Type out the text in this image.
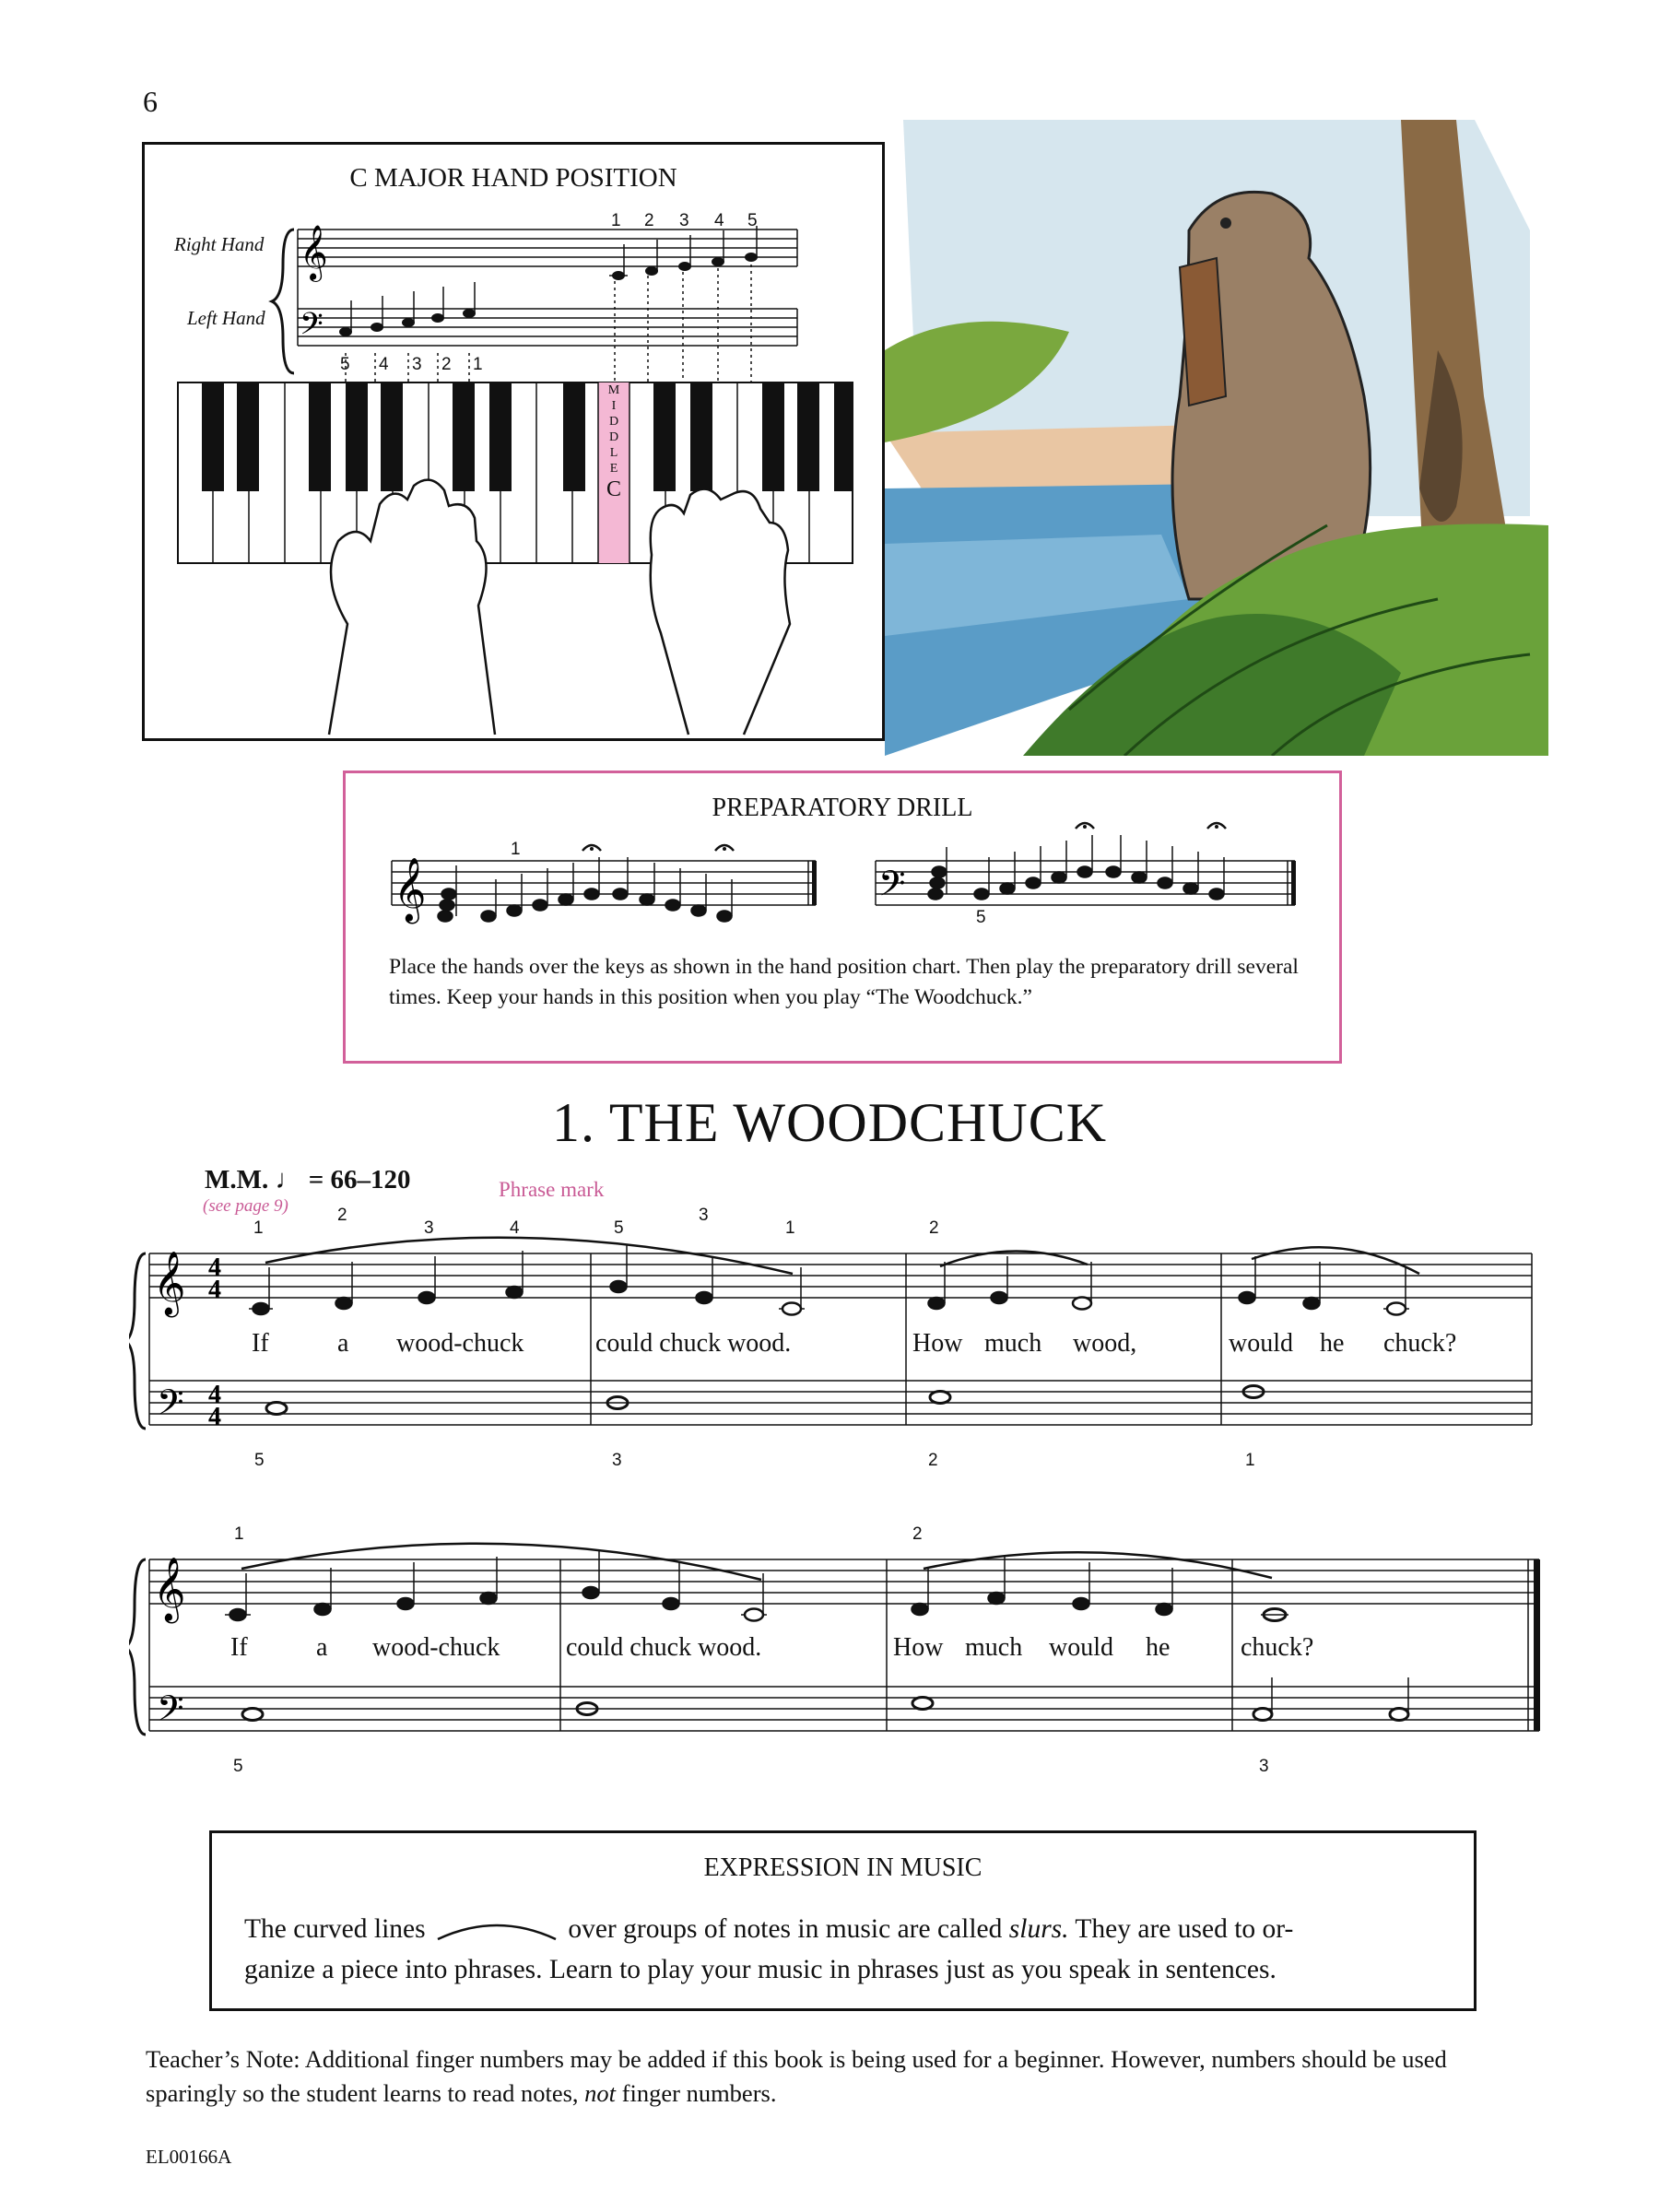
6
C MAJOR HAND POSITION
Right Hand
Left Hand
𝄞
𝄢
1 2 3 4 5
5 4 3 2 1
M
I
D
D
L
E
C
PREPARATORY DRILL
𝄞	𝄢
1
5
Place the hands over the keys as shown in the hand position chart. Then play the preparatory drill several times. Keep your hands in this position when you play “The Woodchuck.”
1. THE WOODCHUCK
M.M. ♩ = 66–120
(see page 9)
Phrase mark
𝄞
𝄢
4
4
4
4
1
2
3	4	5
3
1	2
5	3	2	1
If	a wood-chuck	could chuck wood.	How much wood,	would he chuck?
𝄞
𝄢
1	2
5	3
If	a wood-chuck	could chuck wood.	How much would he	chuck?
EXPRESSION IN MUSIC
The curved lines	over groups of notes in music are called slurs. They are used to or-
ganize a piece into phrases. Learn to play your music in phrases just as you speak in sentences.
Teacher’s Note: Additional finger numbers may be added if this book is being used for a beginner. However, numbers should be used sparingly so the student learns to read notes, not finger numbers.
EL00166A
